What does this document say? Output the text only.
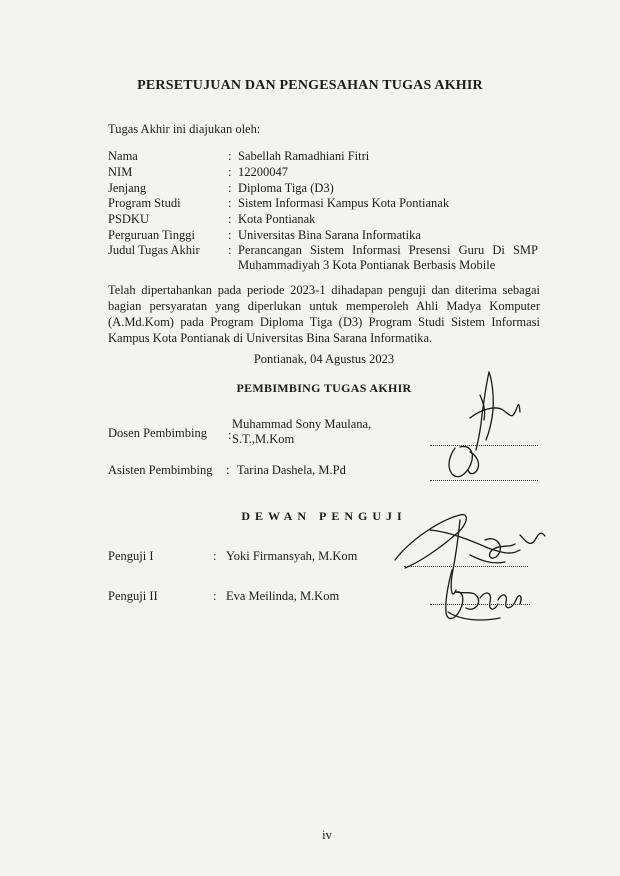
PERSETUJUAN DAN PENGESAHAN TUGAS AKHIR
Tugas Akhir ini diajukan oleh:
Nama	: Sabellah Ramadhiani Fitri
NIM	: 12200047
Jenjang	: Diploma Tiga (D3)
Program Studi	: Sistem Informasi Kampus Kota Pontianak
PSDKU	: Kota Pontianak
Perguruan Tinggi	: Universitas Bina Sarana Informatika
Judul Tugas Akhir : Perancangan Sistem Informasi Presensi Guru Di SMP
Muhammadiyah 3 Kota Pontianak Berbasis Mobile
Telah dipertahankan pada periode 2023-1 dihadapan penguji dan diterima sebagai
bagian persyaratan yang diperlukan untuk memperoleh Ahli Madya Komputer
(A.Md.Kom) pada Program Diploma Tiga (D3) Program Studi Sistem Informasi
Kampus Kota Pontianak di Universitas Bina Sarana Informatika.
Pontianak, 04 Agustus 2023
PEMBIMBING TUGAS AKHIR
Dosen Pembimbing :
Muhammad Sony Maulana,
S.T.,M.Kom
Asisten Pembimbing : Tarina Dashela, M.Pd
DEWAN PENGUJI
Penguji I	: Yoki Firmansyah, M.Kom
Penguji II	: Eva Meilinda, M.Kom
iv
